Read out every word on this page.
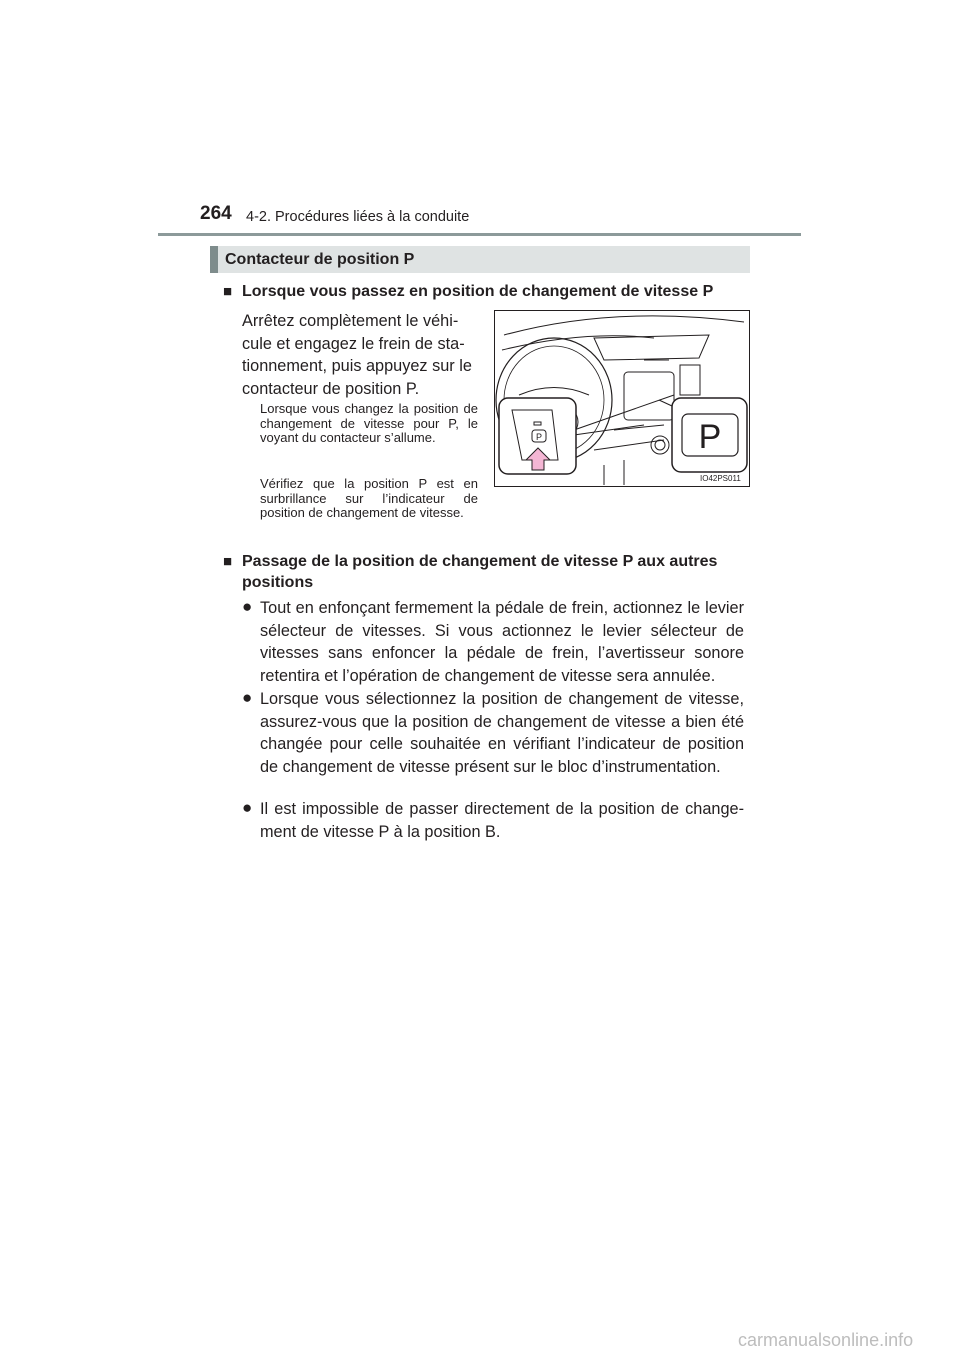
264 4-2. Procédures liées à la conduite
Contacteur de position P
■ Lorsque vous passez en position de changement de vitesse P
Arrêtez complètement le véhi-
cule et engagez le frein de sta-
tionnement, puis appuyez sur le
contacteur de position P.
Lorsque vous changez la position de changement de vitesse pour P, le voyant du contacteur s’allume.
Vérifiez que la position P est en surbrillance sur l’indicateur de position de changement de vitesse.
P	P
IO42PS011
■ Passage de la position de changement de vitesse P aux autres
positions
● Tout en enfonçant fermement la pédale de frein, actionnez le levier sélecteur de vitesses. Si vous actionnez le levier sélecteur de vitesses sans enfoncer la pédale de frein, l’avertisseur sonore retentira et l’opération de changement de vitesse sera annulée.
● Lorsque vous sélectionnez la position de changement de vitesse, assurez-vous que la position de changement de vitesse a bien été changée pour celle souhaitée en vérifiant l’indicateur de position de changement de vitesse présent sur le bloc d’instrumentation.
● Il est impossible de passer directement de la position de changement de vitesse P à la position B.
carmanualsonline.info
